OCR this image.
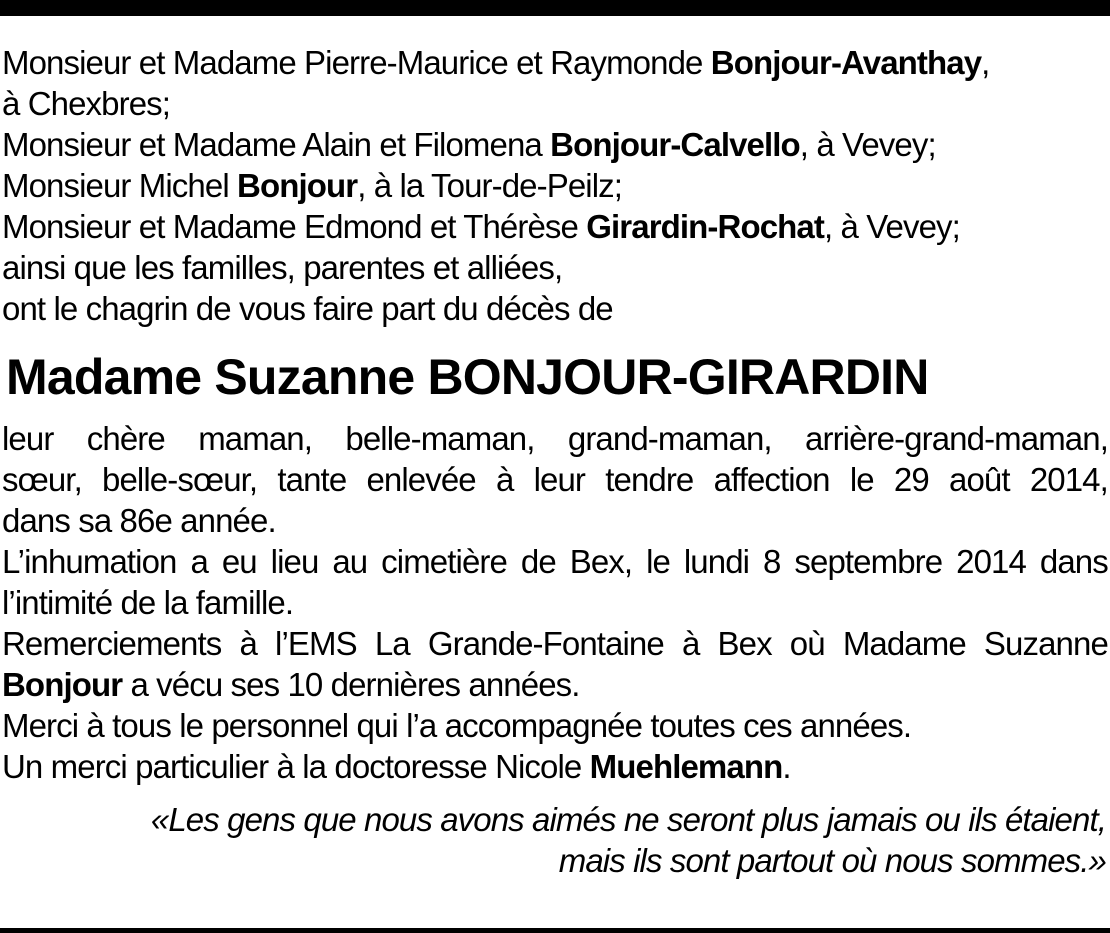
Monsieur et Madame Pierre-Maurice et Raymonde Bonjour-Avanthay,
à Chexbres;
Monsieur et Madame Alain et Filomena Bonjour-Calvello, à Vevey;
Monsieur Michel Bonjour, à la Tour-de-Peilz;
Monsieur et Madame Edmond et Thérèse Girardin-Rochat, à Vevey;
ainsi que les familles, parentes et alliées,
ont le chagrin de vous faire part du décès de
Madame Suzanne BONJOUR-GIRARDIN
leur chère maman, belle-maman, grand-maman, arrière-grand-maman,
sœur, belle-sœur, tante enlevée à leur tendre affection le 29 août 2014,
dans sa 86e année.
L’inhumation a eu lieu au cimetière de Bex, le lundi 8 septembre 2014 dans
l’intimité de la famille.
Remerciements à l’EMS La Grande-Fontaine à Bex où Madame Suzanne
Bonjour a vécu ses 10 dernières années.
Merci à tous le personnel qui l’a accompagnée toutes ces années.
Un merci particulier à la doctoresse Nicole Muehlemann.
«Les gens que nous avons aimés ne seront plus jamais ou ils étaient,
mais ils sont partout où nous sommes.»
